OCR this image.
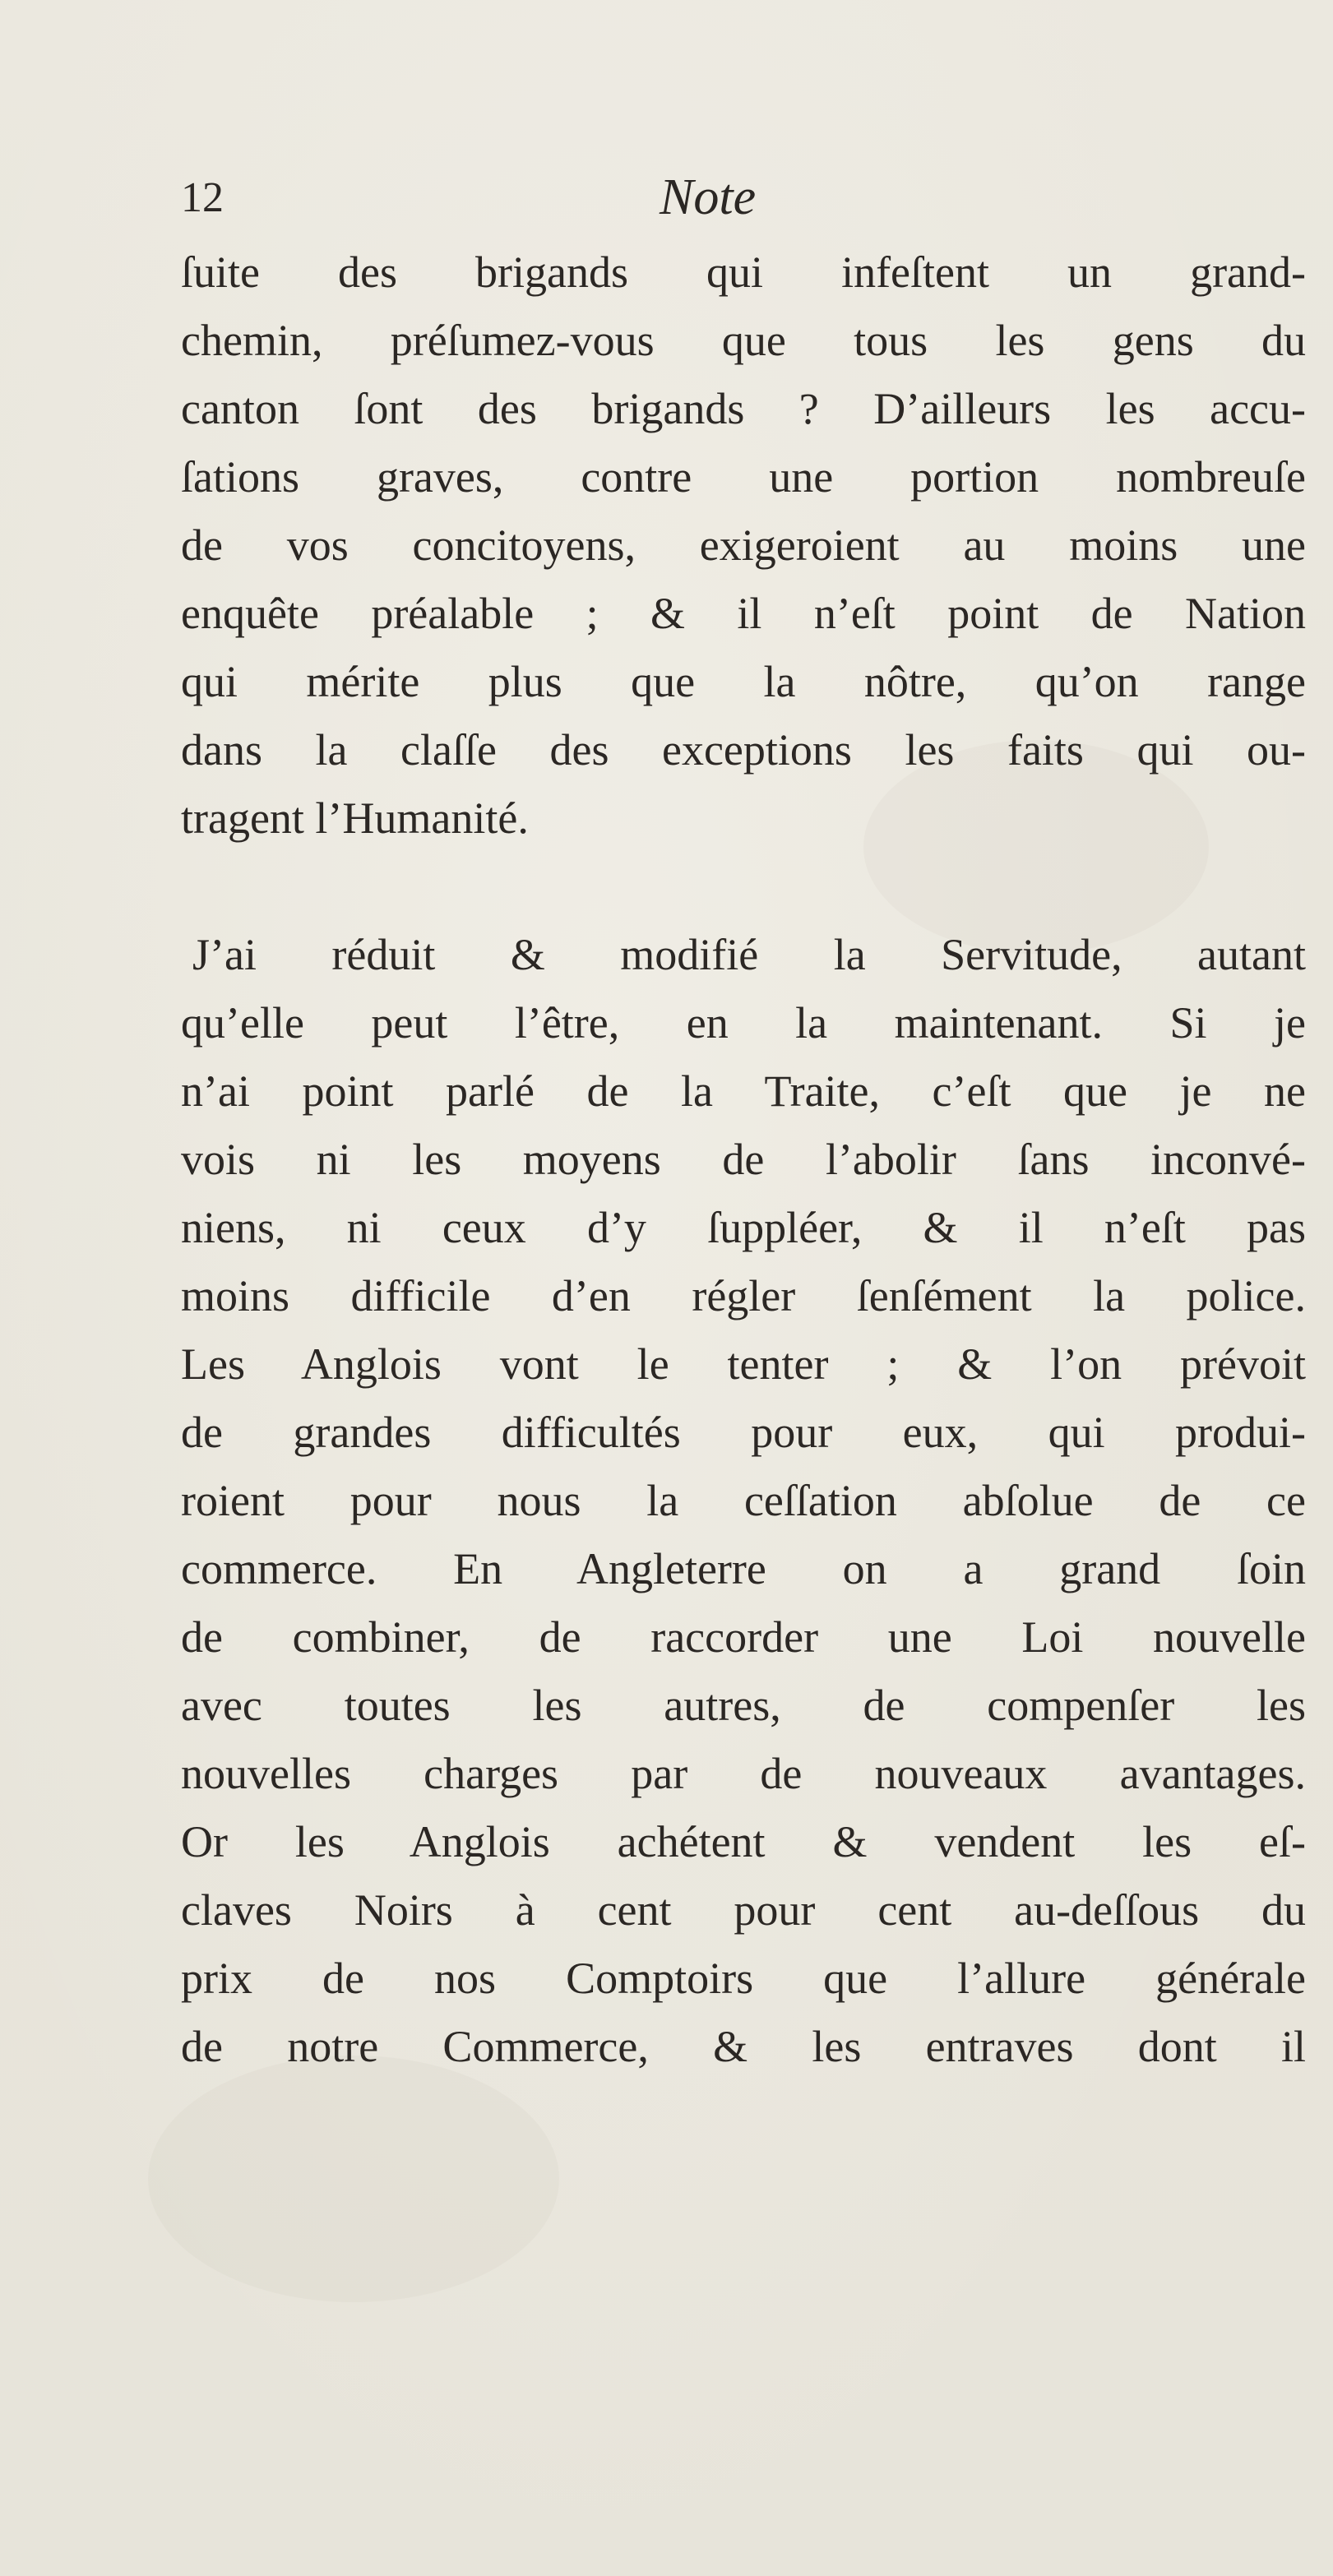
12	Note
ſuite des brigands qui infeſtent un grand-
chemin, préſumez-vous que tous les gens du
canton ſont des brigands ? D’ailleurs les accu-
ſations graves, contre une portion nombreuſe
de vos concitoyens, exigeroient au moins une
enquête préalable ; & il n’eſt point de Nation
qui mérite plus que la nôtre, qu’on range
dans la claſſe des exceptions les faits qui ou-
tragent l’Humanité.
J’ai réduit & modifié la Servitude, autant
qu’elle peut l’être, en la maintenant. Si je
n’ai point parlé de la Traite, c’eſt que je ne
vois ni les moyens de l’abolir ſans inconvé-
niens, ni ceux d’y ſuppléer, & il n’eſt pas
moins difficile d’en régler ſenſément la police.
Les Anglois vont le tenter ; & l’on prévoit
de grandes difficultés pour eux, qui produi-
roient pour nous la ceſſation abſolue de ce
commerce. En Angleterre on a grand ſoin
de combiner, de raccorder une Loi nouvelle
avec toutes les autres, de compenſer les
nouvelles charges par de nouveaux avantages.
Or les Anglois achétent & vendent les eſ-
claves Noirs à cent pour cent au-deſſous du
prix de nos Comptoirs que l’allure générale
de notre Commerce, & les entraves dont il
